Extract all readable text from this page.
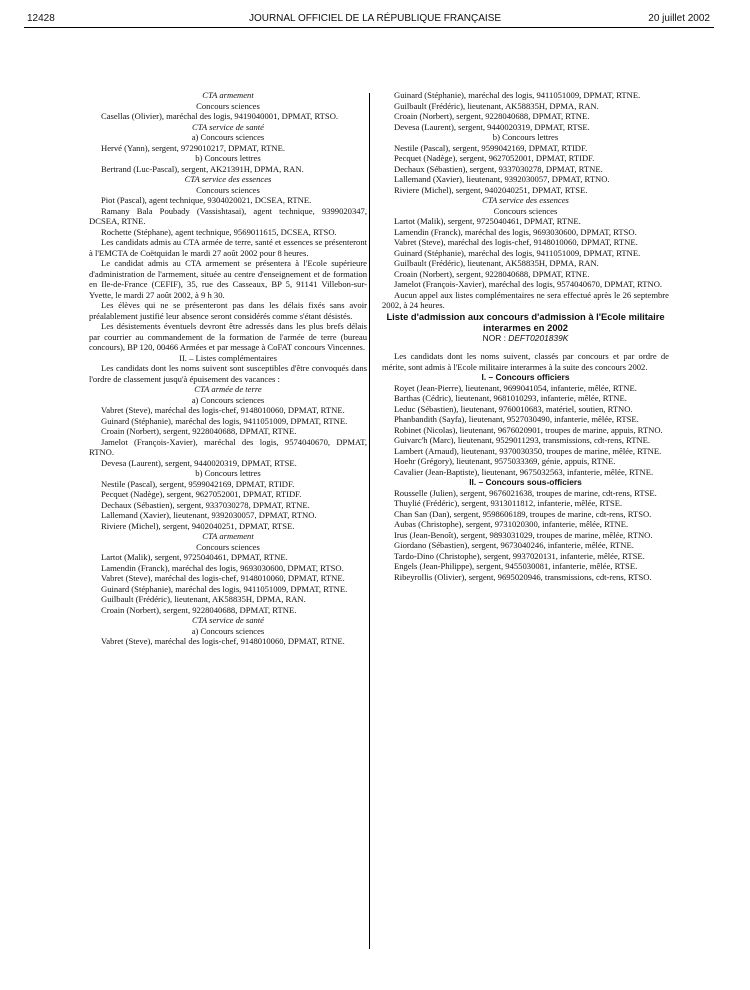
12428	JOURNAL OFFICIEL DE LA RÉPUBLIQUE FRANÇAISE	20 juillet 2002
CTA armement
Concours sciences

Casellas (Olivier), maréchal des logis, 9419040001, DPMAT, RTSO.

CTA service de santé
a) Concours sciences

Hervé (Yann), sergent, 9729010217, DPMAT, RTNE.

b) Concours lettres

Bertrand (Luc-Pascal), sergent, AK21391H, DPMA, RAN.

CTA service des essences
Concours sciences

Piot (Pascal), agent technique, 9304020021, DCSEA, RTNE.

Ramany Bala Poubady (Vassishtasai), agent technique, 9399020347, DCSEA, RTNE.

Rochette (Stéphane), agent technique, 9569011615, DCSEA, RTSO.

Les candidats admis au CTA armée de terre, santé et essences se présenteront à l'EMCTA de Coëtquidan le mardi 27 août 2002 pour 8 heures.

Le candidat admis au CTA armement se présentera à l'Ecole supérieure d'administration de l'armement, située au centre d'enseignement et de formation en Ile-de-France (CEFIF), 35, rue des Casseaux, BP 5, 91141 Villebon-sur-Yvette, le mardi 27 août 2002, à 9 h 30.

Les élèves qui ne se présenteront pas dans les délais fixés sans avoir préalablement justifié leur absence seront considérés comme s'étant désistés.

Les désistements éventuels devront être adressés dans les plus brefs délais par courrier au commandement de la formation de l'armée de terre (bureau concours), BP 120, 00466 Armées et par message à CoFAT concours Vincennes.

II. – Listes complémentaires

Les candidats dont les noms suivent sont susceptibles d'être convoqués dans l'ordre de classement jusqu'à épuisement des vacances :

CTA armée de terre
a) Concours sciences

Vabret (Steve), maréchal des logis-chef, 9148010060, DPMAT, RTNE.

Guinard (Stéphanie), maréchal des logis, 9411051009, DPMAT, RTNE.

Croain (Norbert), sergent, 9228040688, DPMAT, RTNE.

Jamelot (François-Xavier), maréchal des logis, 9574040670, DPMAT, RTNO.

Devesa (Laurent), sergent, 9440020319, DPMAT, RTSE.

b) Concours lettres

Nestile (Pascal), sergent, 9599042169, DPMAT, RTIDF.

Pecquet (Nadège), sergent, 9627052001, DPMAT, RTIDF.

Dechaux (Sébastien), sergent, 9337030278, DPMAT, RTNE.

Lallemand (Xavier), lieutenant, 9392030057, DPMAT, RTNO.

Riviere (Michel), sergent, 9402040251, DPMAT, RTSE.

CTA armement
Concours sciences

Lartot (Malik), sergent, 9725040461, DPMAT, RTNE.

Lamendin (Franck), maréchal des logis, 9693030600, DPMAT, RTSO.

Vabret (Steve), maréchal des logis-chef, 9148010060, DPMAT, RTNE.

Guinard (Stéphanie), maréchal des logis, 9411051009, DPMAT, RTNE.

Guilbault (Frédéric), lieutenant, AK58835H, DPMA, RAN.

Croain (Norbert), sergent, 9228040688, DPMAT, RTNE.

CTA service de santé
a) Concours sciences

Vabret (Steve), maréchal des logis-chef, 9148010060, DPMAT, RTNE.

Guinard (Stéphanie), maréchal des logis, 9411051009, DPMAT, RTNE.

Guilbault (Frédéric), lieutenant, AK58835H, DPMA, RAN.

Croain (Norbert), sergent, 9228040688, DPMAT, RTNE.

Devesa (Laurent), sergent, 9440020319, DPMAT, RTSE.

b) Concours lettres

Nestile (Pascal), sergent, 9599042169, DPMAT, RTIDF.

Pecquet (Nadège), sergent, 9627052001, DPMAT, RTIDF.

Dechaux (Sébastien), sergent, 9337030278, DPMAT, RTNE.

Lallemand (Xavier), lieutenant, 9392030057, DPMAT, RTNO.

Riviere (Michel), sergent, 9402040251, DPMAT, RTSE.

CTA service des essences
Concours sciences

Lartot (Malik), sergent, 9725040461, DPMAT, RTNE.

Lamendin (Franck), maréchal des logis, 9693030600, DPMAT, RTSO.

Vabret (Steve), maréchal des logis-chef, 9148010060, DPMAT, RTNE.

Guinard (Stéphanie), maréchal des logis, 9411051009, DPMAT, RTNE.

Guilbault (Frédéric), lieutenant, AK58835H, DPMA, RAN.

Croain (Norbert), sergent, 9228040688, DPMAT, RTNE.

Jamelot (François-Xavier), maréchal des logis, 9574040670, DPMAT, RTNO.

Aucun appel aux listes complémentaires ne sera effectué après le 26 septembre 2002, à 24 heures.

Liste d'admission aux concours d'admission à l'Ecole militaire interarmes en 2002
NOR : DEFT0201839K

Les candidats dont les noms suivent, classés par concours et par ordre de mérite, sont admis à l'Ecole militaire interarmes à la suite des concours 2002.

I. – Concours officiers

Royet (Jean-Pierre), lieutenant, 9699041054, infanterie, mêlée, RTNE.

Barthas (Cédric), lieutenant, 9681010293, infanterie, mêlée, RTNE.

Leduc (Sébastien), lieutenant, 9760010683, matériel, soutien, RTNO.

Phanbandith (Sayfa), lieutenant, 9527030490, infanterie, mêlée, RTSE.

Robinet (Nicolas), lieutenant, 9676020901, troupes de marine, appuis, RTNO.

Guivarc'h (Marc), lieutenant, 9529011293, transmissions, cdt-rens, RTNE.

Lambert (Arnaud), lieutenant, 9370030350, troupes de marine, mêlée, RTNE.

Hoehr (Grégory), lieutenant, 9575033369, génie, appuis, RTNE.

Cavalier (Jean-Baptiste), lieutenant, 9675032563, infanterie, mêlée, RTNE.

II. – Concours sous-officiers

Rousselle (Julien), sergent, 9676021638, troupes de marine, cdt-rens, RTSE.

Thuylié (Frédéric), sergent, 9313011812, infanterie, mêlée, RTSE.

Chan San (Dan), sergent, 9598606189, troupes de marine, cdt-rens, RTSO.

Aubas (Christophe), sergent, 9731020300, infanterie, mêlée, RTNE.

Irus (Jean-Benoît), sergent, 9893031029, troupes de marine, mêlée, RTNO.

Giordano (Sébastien), sergent, 9673040246, infanterie, mêlée, RTNE.

Tardo-Dino (Christophe), sergent, 9937020131, infanterie, mêlée, RTSE.

Engels (Jean-Philippe), sergent, 9455030081, infanterie, mêlée, RTSE.

Ribeyrollis (Olivier), sergent, 9695020946, transmissions, cdt-rens, RTSO.
